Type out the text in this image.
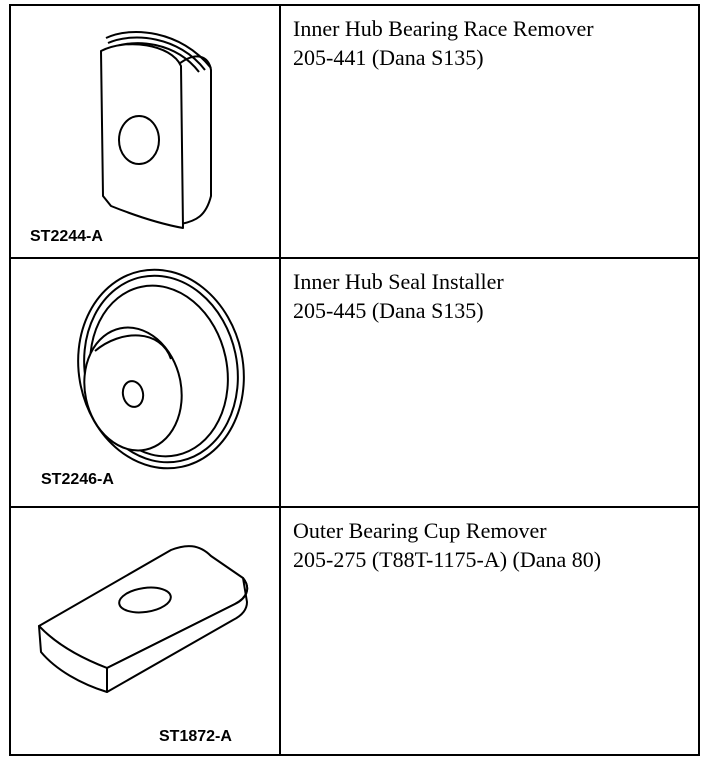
ST2244-A
Inner Hub Bearing Race Remover
205-441 (Dana S135)
ST2246-A
Inner Hub Seal Installer
205-445 (Dana S135)
ST1872-A
Outer Bearing Cup Remover
205-275 (T88T-1175-A) (Dana 80)
